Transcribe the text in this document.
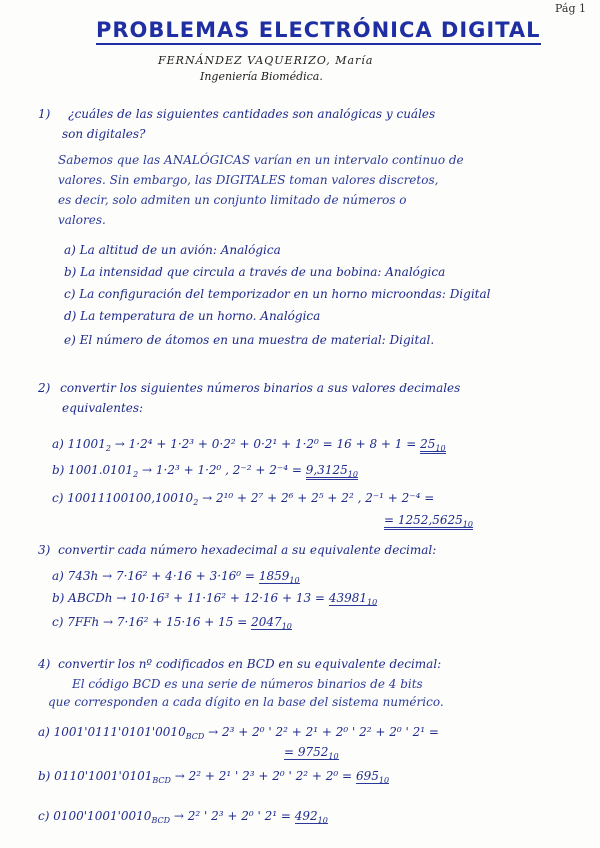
Pág 1
PROBLEMAS ELECTRÓNICA DIGITAL
FERNÁNDEZ VAQUERIZO, María
Ingeniería Biomédica.
1) ¿cuáles de las siguientes cantidades son analógicas y cuáles
son digitales?
Sabemos que las ANALÓGICAS varían en un intervalo continuo de
valores. Sin embargo, las DIGITALES toman valores discretos,
es decir, solo admiten un conjunto limitado de números o
valores.
a) La altitud de un avión: Analógica
b) La intensidad que circula a través de una bobina: Analógica
c) La configuración del temporizador en un horno microondas: Digital
d) La temperatura de un horno. Analógica
e) El número de átomos en una muestra de material: Digital.
2) convertir los siguientes números binarios a sus valores decimales
equivalentes:
a) $11001_2 \to 1\cdot 2^4 + 1\cdot 2^3 + 0\cdot 2^2 + 0\cdot 2^1 + 1\cdot 2^0 = 16 + 8 + 1 = 25_{10}$
b) $1001.0101_2 \to 1\cdot 2^3 + 1\cdot 2^0$ , $2^{-2} + 2^{-4} = 9,3125_{10}$
c) $10011100100,10010_2 \to 2^{10} + 2^7 + 2^6 + 2^5 + 2^2$ , 2⁻¹ + 2⁻⁴ =
= $1252,5625_{10}$
3) convertir cada número hexadecimal a su equivalente decimal:
a) $743h \to 7\cdot 16^2 + 4\cdot 16 + 3\cdot 16^0 = 1859_{10}$
b) ABCDh → $10\cdot 16^3 + 11\cdot 16^2 + 12\cdot 16 + 13 = 43981_{10}$
c) $7FFh \to 7\cdot 16^2 + 15\cdot 16 + 15 = 2047_{10}$
4) convertir los nº codificados en BCD en su equivalente decimal:
El código BCD es una serie de números binarios de 4 bits
que corresponden a cada dígito en la base del sistema numérico.
a) $1001'0111'0101'0010_{BCD} \to 2^3 + 2^0$ ' 2² + 2¹ + 2⁰ ' 2² + 2⁰ ' 2¹ =
= $9752_{10}$
b) $0110'1001'0101_{BCD} \to 2^2 + 2^1$ ' 2³ + 2⁰ ' $2^2 + 2^0 = 695_{10}$
c) $0100'1001'0010_{BCD} \to 2^2$ ' 2³ + 2⁰ ' $2^1 = 492_{10}$
